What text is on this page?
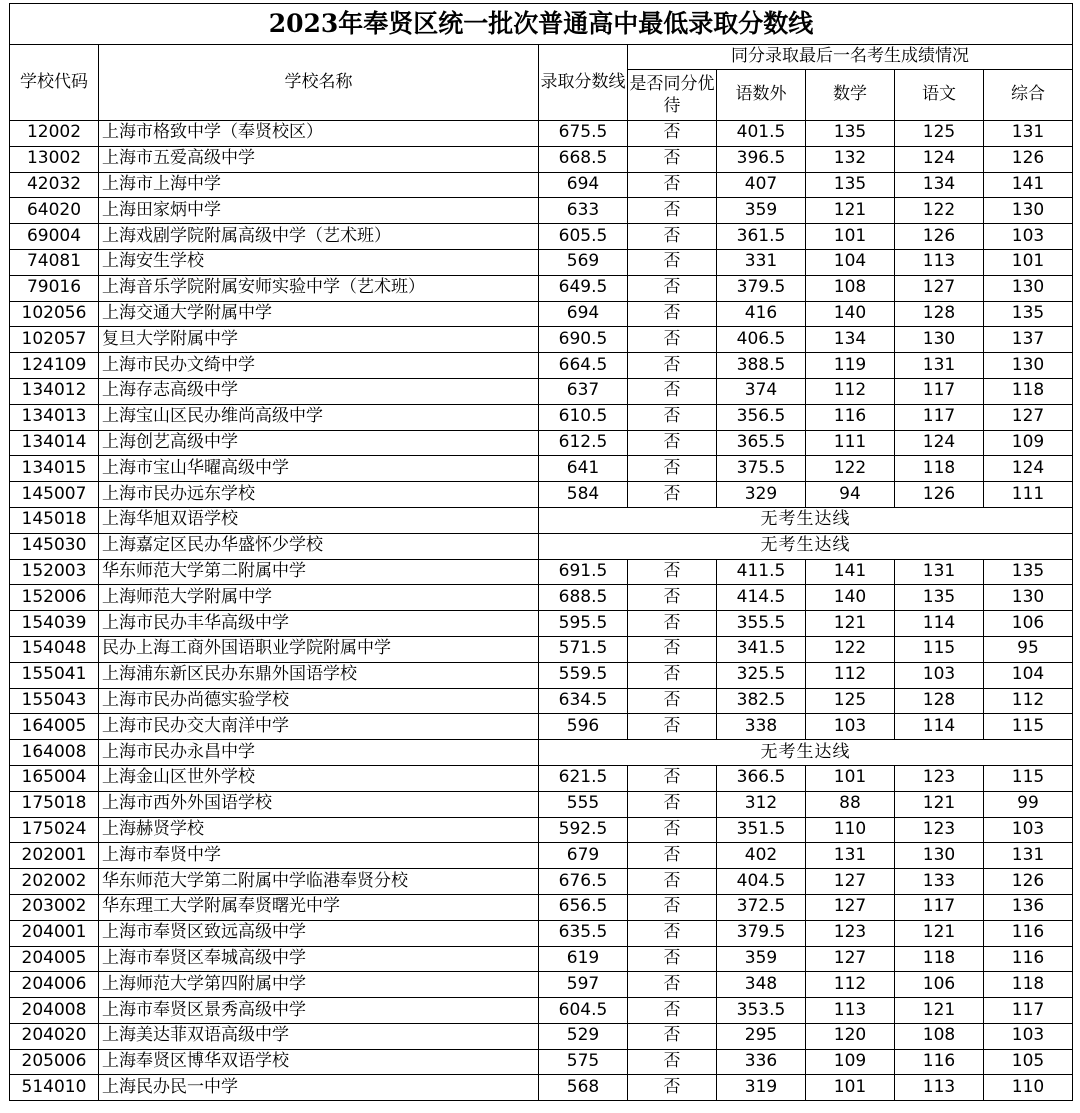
2023年奉贤区统一批次普通高中最低录取分数线							
学校代码	学校名称	录取分数线	同分录取最后一名考生成绩情况				
			是否同分优待	语数外	数学	语文	综合
12002	上海市格致中学（奉贤校区）	675.5	否	401.5	135	125	131
13002	上海市五爱高级中学	668.5	否	396.5	132	124	126
42032	上海市上海中学	694	否	407	135	134	141
64020	上海田家炳中学	633	否	359	121	122	130
69004	上海戏剧学院附属高级中学（艺术班）	605.5	否	361.5	101	126	103
74081	上海安生学校	569	否	331	104	113	101
79016	上海音乐学院附属安师实验中学（艺术班）	649.5	否	379.5	108	127	130
102056	上海交通大学附属中学	694	否	416	140	128	135
102057	复旦大学附属中学	690.5	否	406.5	134	130	137
124109	上海市民办文绮中学	664.5	否	388.5	119	131	130
134012	上海存志高级中学	637	否	374	112	117	118
134013	上海宝山区民办维尚高级中学	610.5	否	356.5	116	117	127
134014	上海创艺高级中学	612.5	否	365.5	111	124	109
134015	上海市宝山华曜高级中学	641	否	375.5	122	118	124
145007	上海市民办远东学校	584	否	329	94	126	111
145018	上海华旭双语学校	无考生达线					
145030	上海嘉定区民办华盛怀少学校	无考生达线					
152003	华东师范大学第二附属中学	691.5	否	411.5	141	131	135
152006	上海师范大学附属中学	688.5	否	414.5	140	135	130
154039	上海市民办丰华高级中学	595.5	否	355.5	121	114	106
154048	民办上海工商外国语职业学院附属中学	571.5	否	341.5	122	115	95
155041	上海浦东新区民办东鼎外国语学校	559.5	否	325.5	112	103	104
155043	上海市民办尚德实验学校	634.5	否	382.5	125	128	112
164005	上海市民办交大南洋中学	596	否	338	103	114	115
164008	上海市民办永昌中学	无考生达线					
165004	上海金山区世外学校	621.5	否	366.5	101	123	115
175018	上海市西外外国语学校	555	否	312	88	121	99
175024	上海赫贤学校	592.5	否	351.5	110	123	103
202001	上海市奉贤中学	679	否	402	131	130	131
202002	华东师范大学第二附属中学临港奉贤分校	676.5	否	404.5	127	133	126
203002	华东理工大学附属奉贤曙光中学	656.5	否	372.5	127	117	136
204001	上海市奉贤区致远高级中学	635.5	否	379.5	123	121	116
204005	上海市奉贤区奉城高级中学	619	否	359	127	118	116
204006	上海师范大学第四附属中学	597	否	348	112	106	118
204008	上海市奉贤区景秀高级中学	604.5	否	353.5	113	121	117
204020	上海美达菲双语高级中学	529	否	295	120	108	103
205006	上海奉贤区博华双语学校	575	否	336	109	116	105
514010	上海民办民一中学	568	否	319	101	113	110
